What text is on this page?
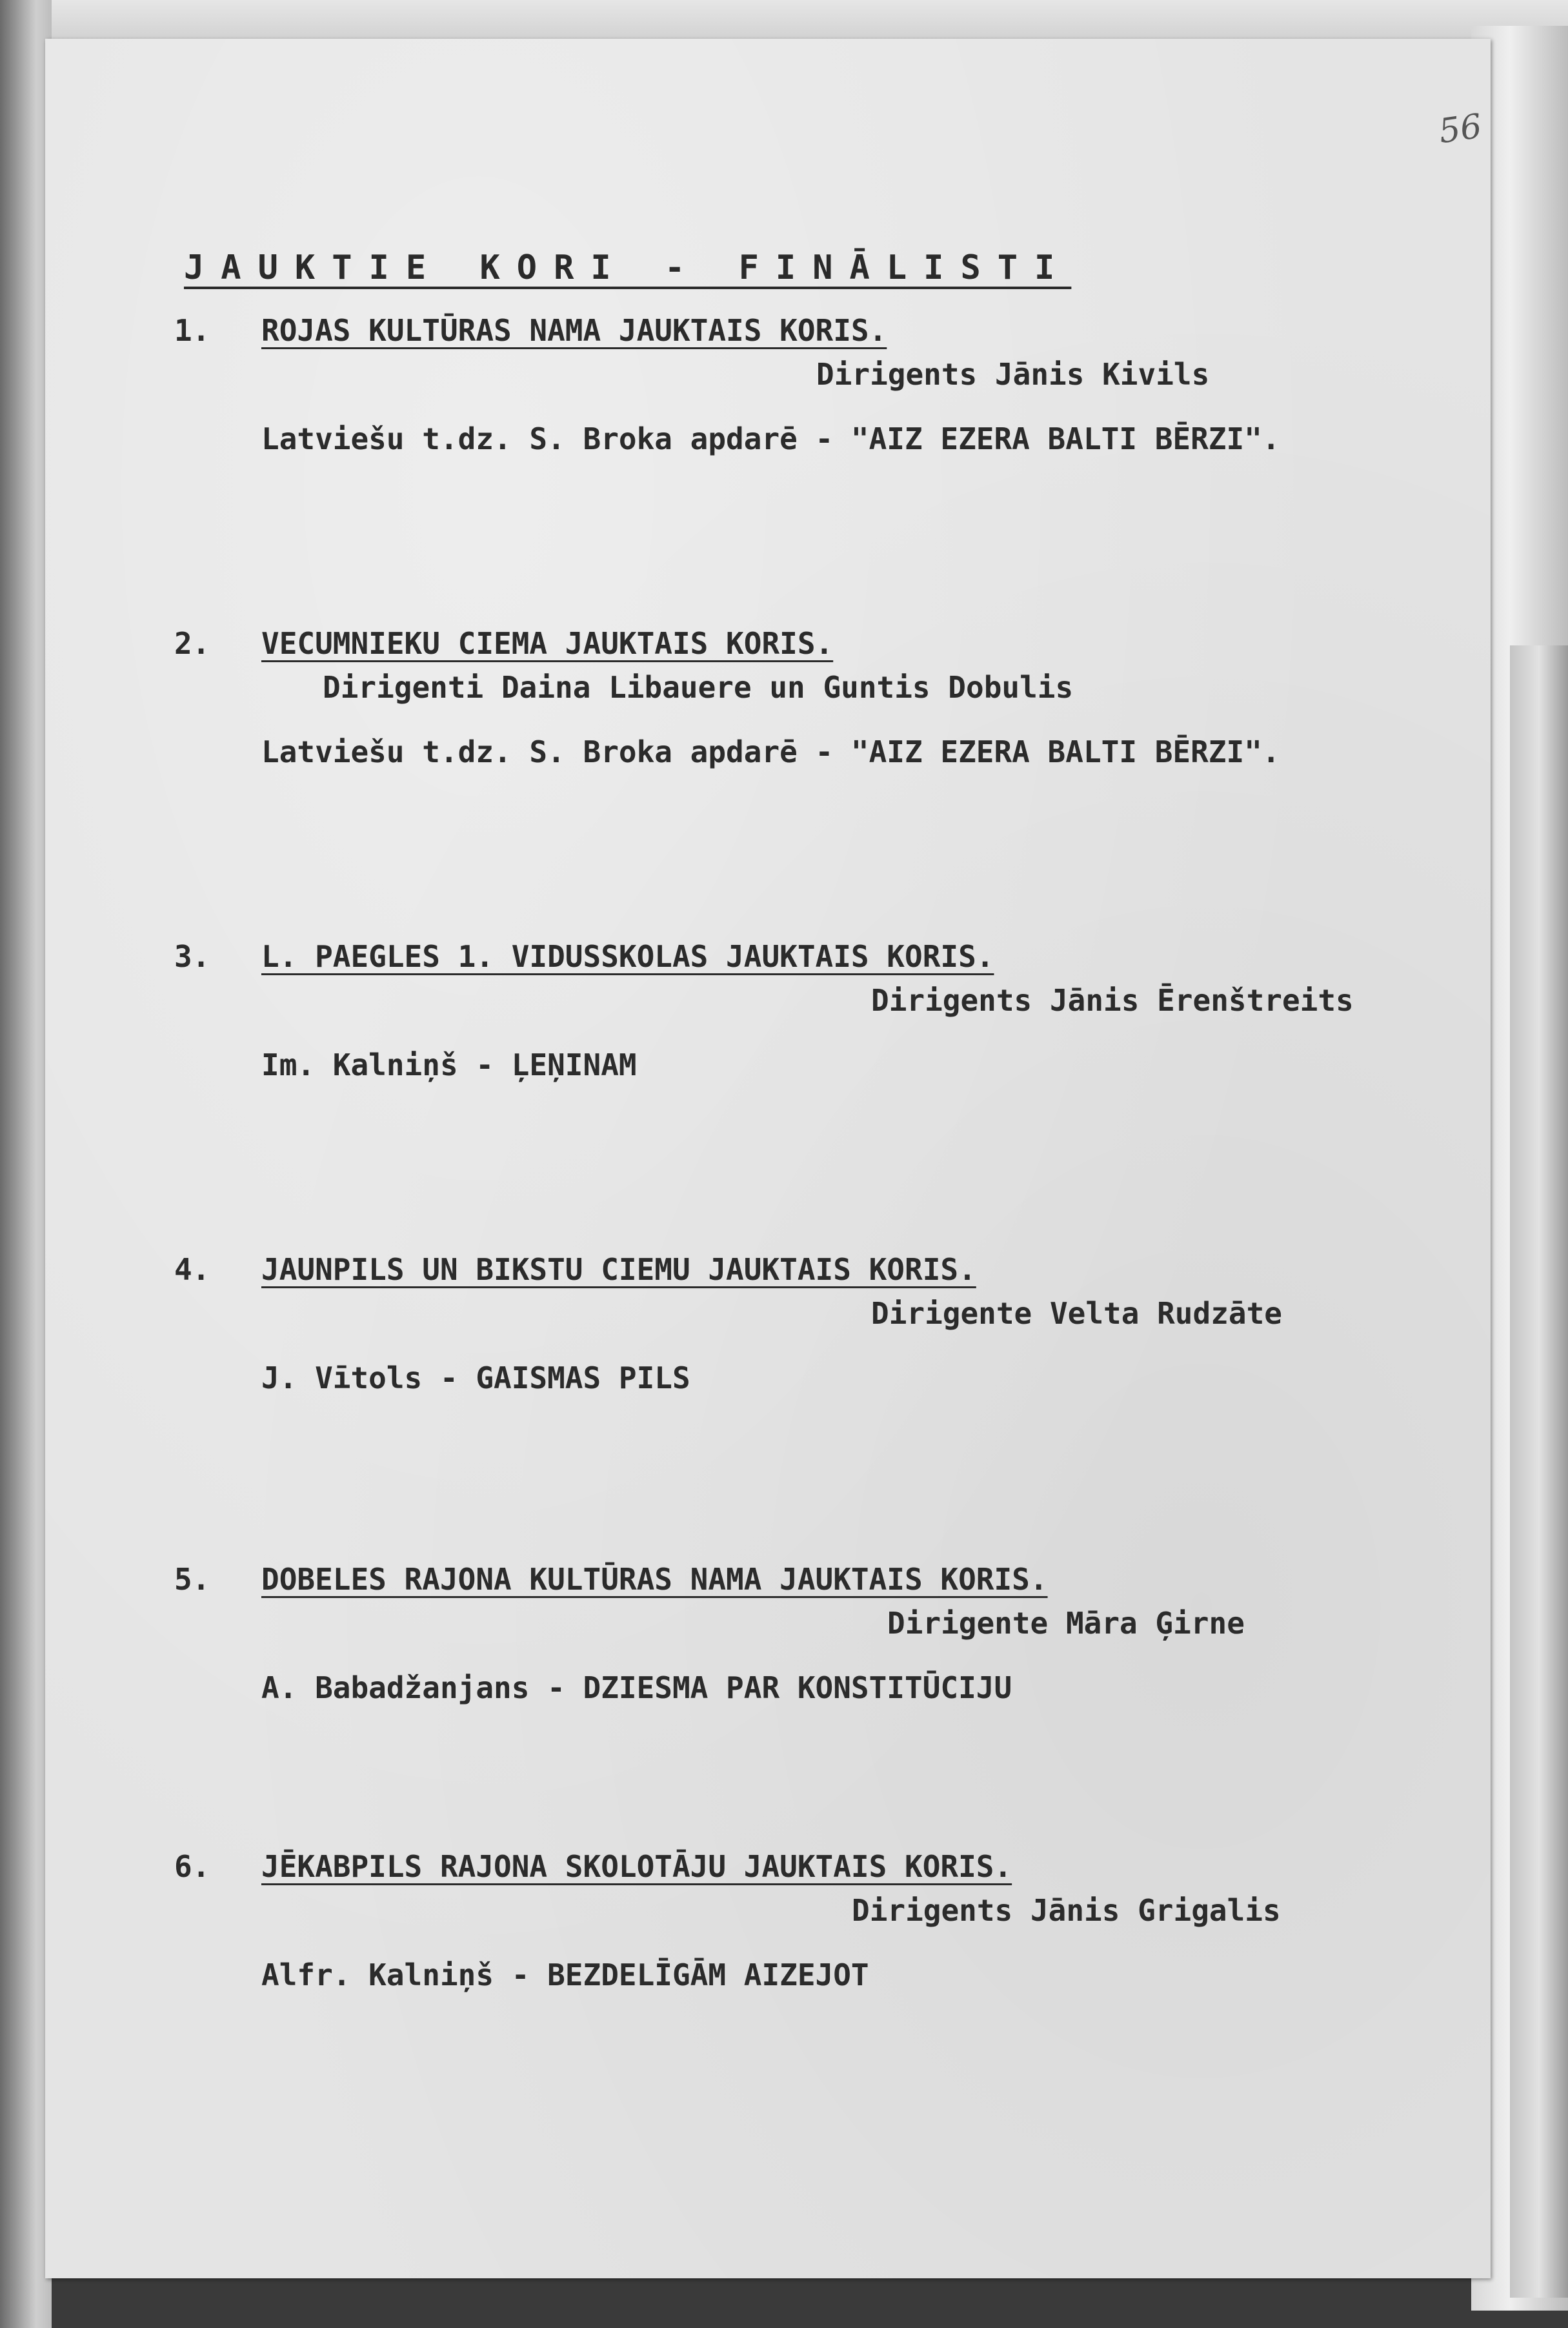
56
JAUKTIE KORI - FINĀLISTI
1. ROJAS KULTŪRAS NAMA JAUKTAIS KORIS.
Dirigents Jānis Kivils
Latviešu t.dz. S. Broka apdarē - "AIZ EZERA BALTI BĒRZI".
2. VECUMNIEKU CIEMA JAUKTAIS KORIS.
Dirigenti Daina Libauere un Guntis Dobulis
Latviešu t.dz. S. Broka apdarē - "AIZ EZERA BALTI BĒRZI".
3. L. PAEGLES 1. VIDUSSKOLAS JAUKTAIS KORIS.
Dirigents Jānis Ērenštreits
Im. Kalniņš - ĻEŅINAM
4. JAUNPILS UN BIKSTU CIEMU JAUKTAIS KORIS.
Dirigente Velta Rudzāte
J. Vītols - GAISMAS PILS
5. DOBELES RAJONA KULTŪRAS NAMA JAUKTAIS KORIS.
Dirigente Māra Ģirne
A. Babadžanjans - DZIESMA PAR KONSTITŪCIJU
6. JĒKABPILS RAJONA SKOLOTĀJU JAUKTAIS KORIS.
Dirigents Jānis Grigalis
Alfr. Kalniņš - BEZDELĪGĀM AIZEJOT
